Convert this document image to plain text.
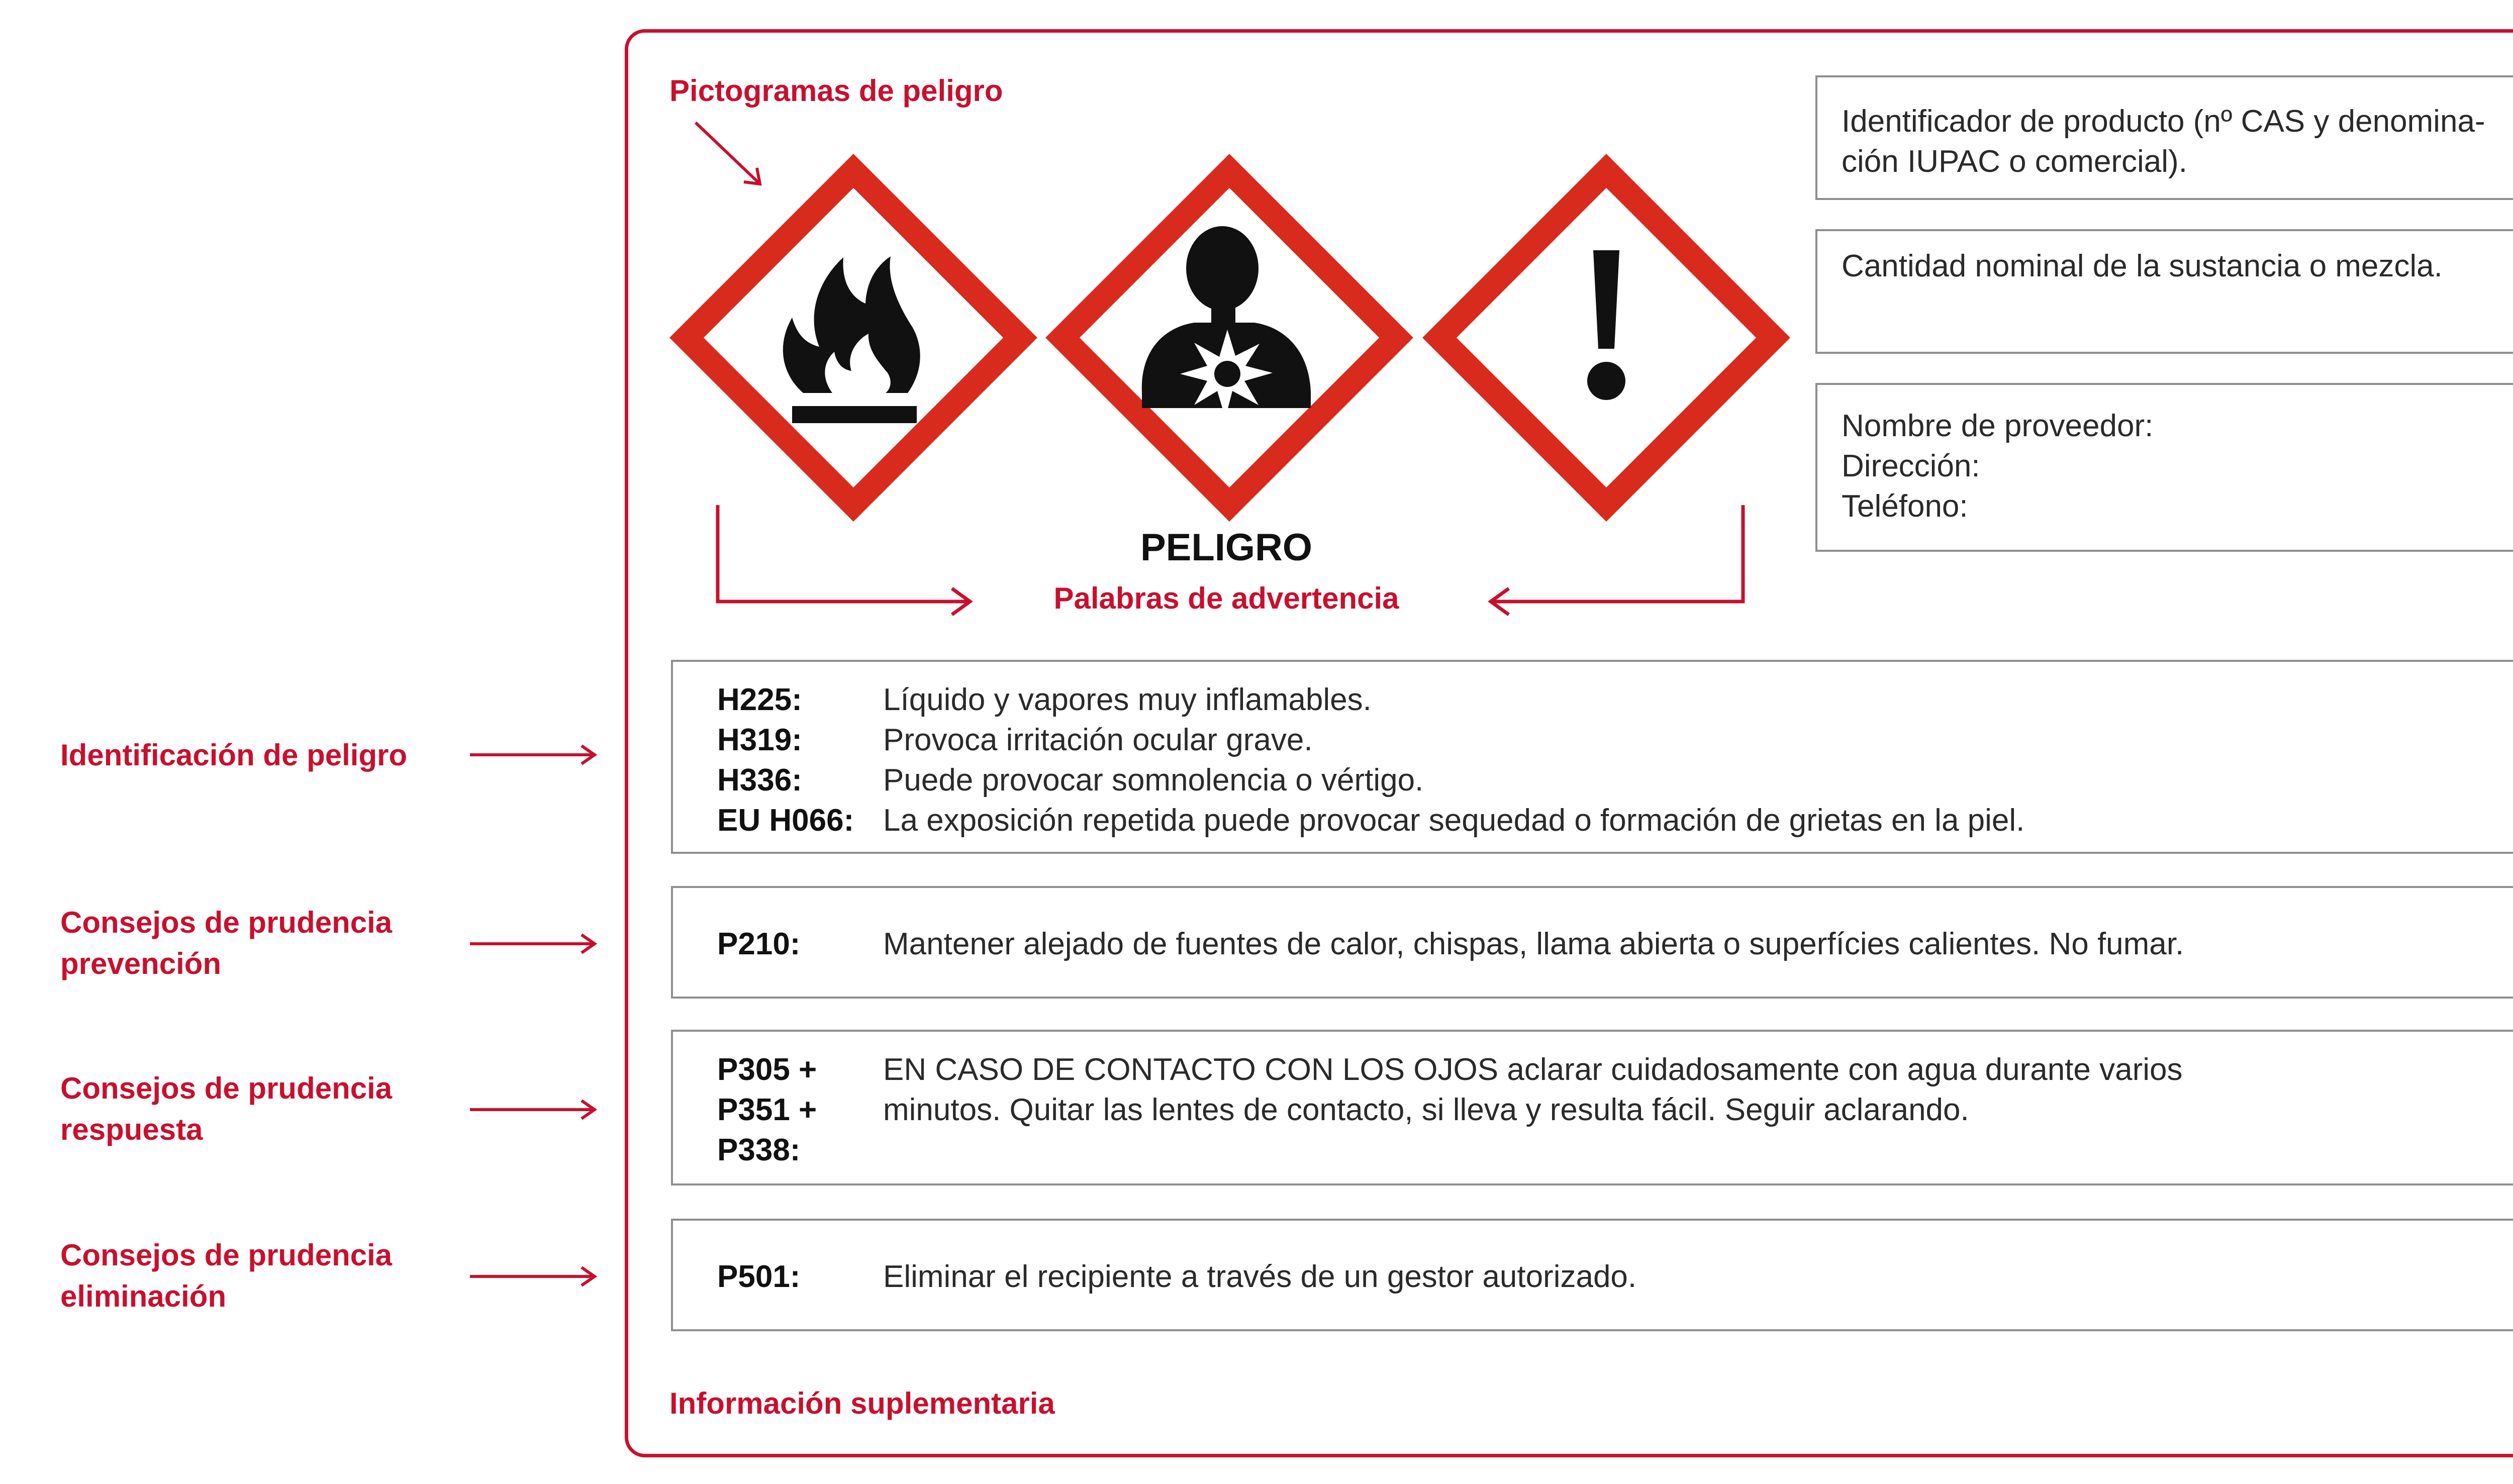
Identificación de peligro
Consejos de prudencia
prevención
Consejos de prudencia
respuesta
Consejos de prudencia
eliminación
Pictogramas de peligro
PELIGRO
Palabras de advertencia
Identificador de producto (nº CAS y denomina-
ción IUPAC o comercial).
Cantidad nominal de la sustancia o mezcla.
Nombre de proveedor:
Dirección:
Teléfono:
H225:	Líquido y vapores muy inflamables.
H319:	Provoca irritación ocular grave.
H336:	Puede provocar somnolencia o vértigo.
EU H066: La exposición repetida puede provocar sequedad o formación de grietas en la piel.
P210:	Mantener alejado de fuentes de calor, chispas, llama abierta o superfícies calientes. No fumar.
P305 +
P351 +
P338:
EN CASO DE CONTACTO CON LOS OJOS aclarar cuidadosamente con agua durante varios
minutos. Quitar las lentes de contacto, si lleva y resulta fácil. Seguir aclarando.
P501:	Eliminar el recipiente a través de un gestor autorizado.
Información suplementaria
